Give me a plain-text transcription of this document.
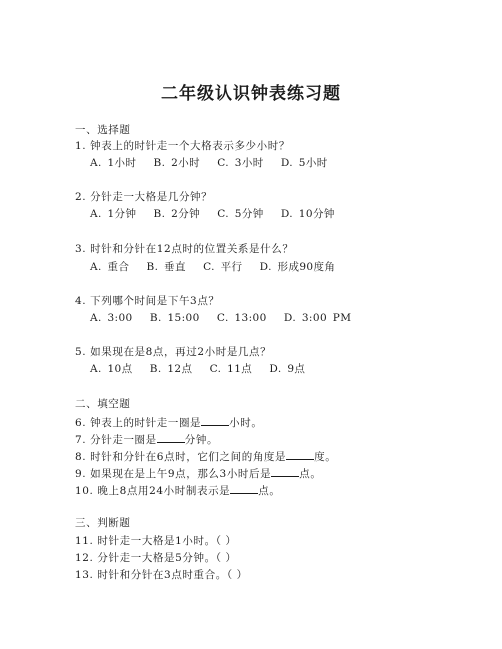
二年级认识钟表练习题
一、选择题
1. 钟表上的时针走一个大格表示多少小时？
A. 1小时   B. 2小时   C. 3小时   D. 5小时
2. 分针走一大格是几分钟？
A. 1分钟   B. 2分钟   C. 5分钟   D. 10分钟
3. 时针和分针在12点时的位置关系是什么？
A. 重合   B. 垂直   C. 平行   D. 形成90度角
4. 下列哪个时间是下午3点？
A. 3:00   B. 15:00   C. 13:00   D. 3:00 PM
5. 如果现在是8点，再过2小时是几点？
A. 10点   B. 12点   C. 11点   D. 9点
二、填空题
6. 钟表上的时针走一圈是	小时。
7. 分针走一圈是	分钟。
8. 时针和分针在6点时，它们之间的角度是	度。
9. 如果现在是上午9点，那么3小时后是	点。
10. 晚上8点用24小时制表示是	点。
三、判断题
11. 时针走一大格是1小时。（ ）
12. 分针走一大格是5分钟。（ ）
13. 时针和分针在3点时重合。（ ）
